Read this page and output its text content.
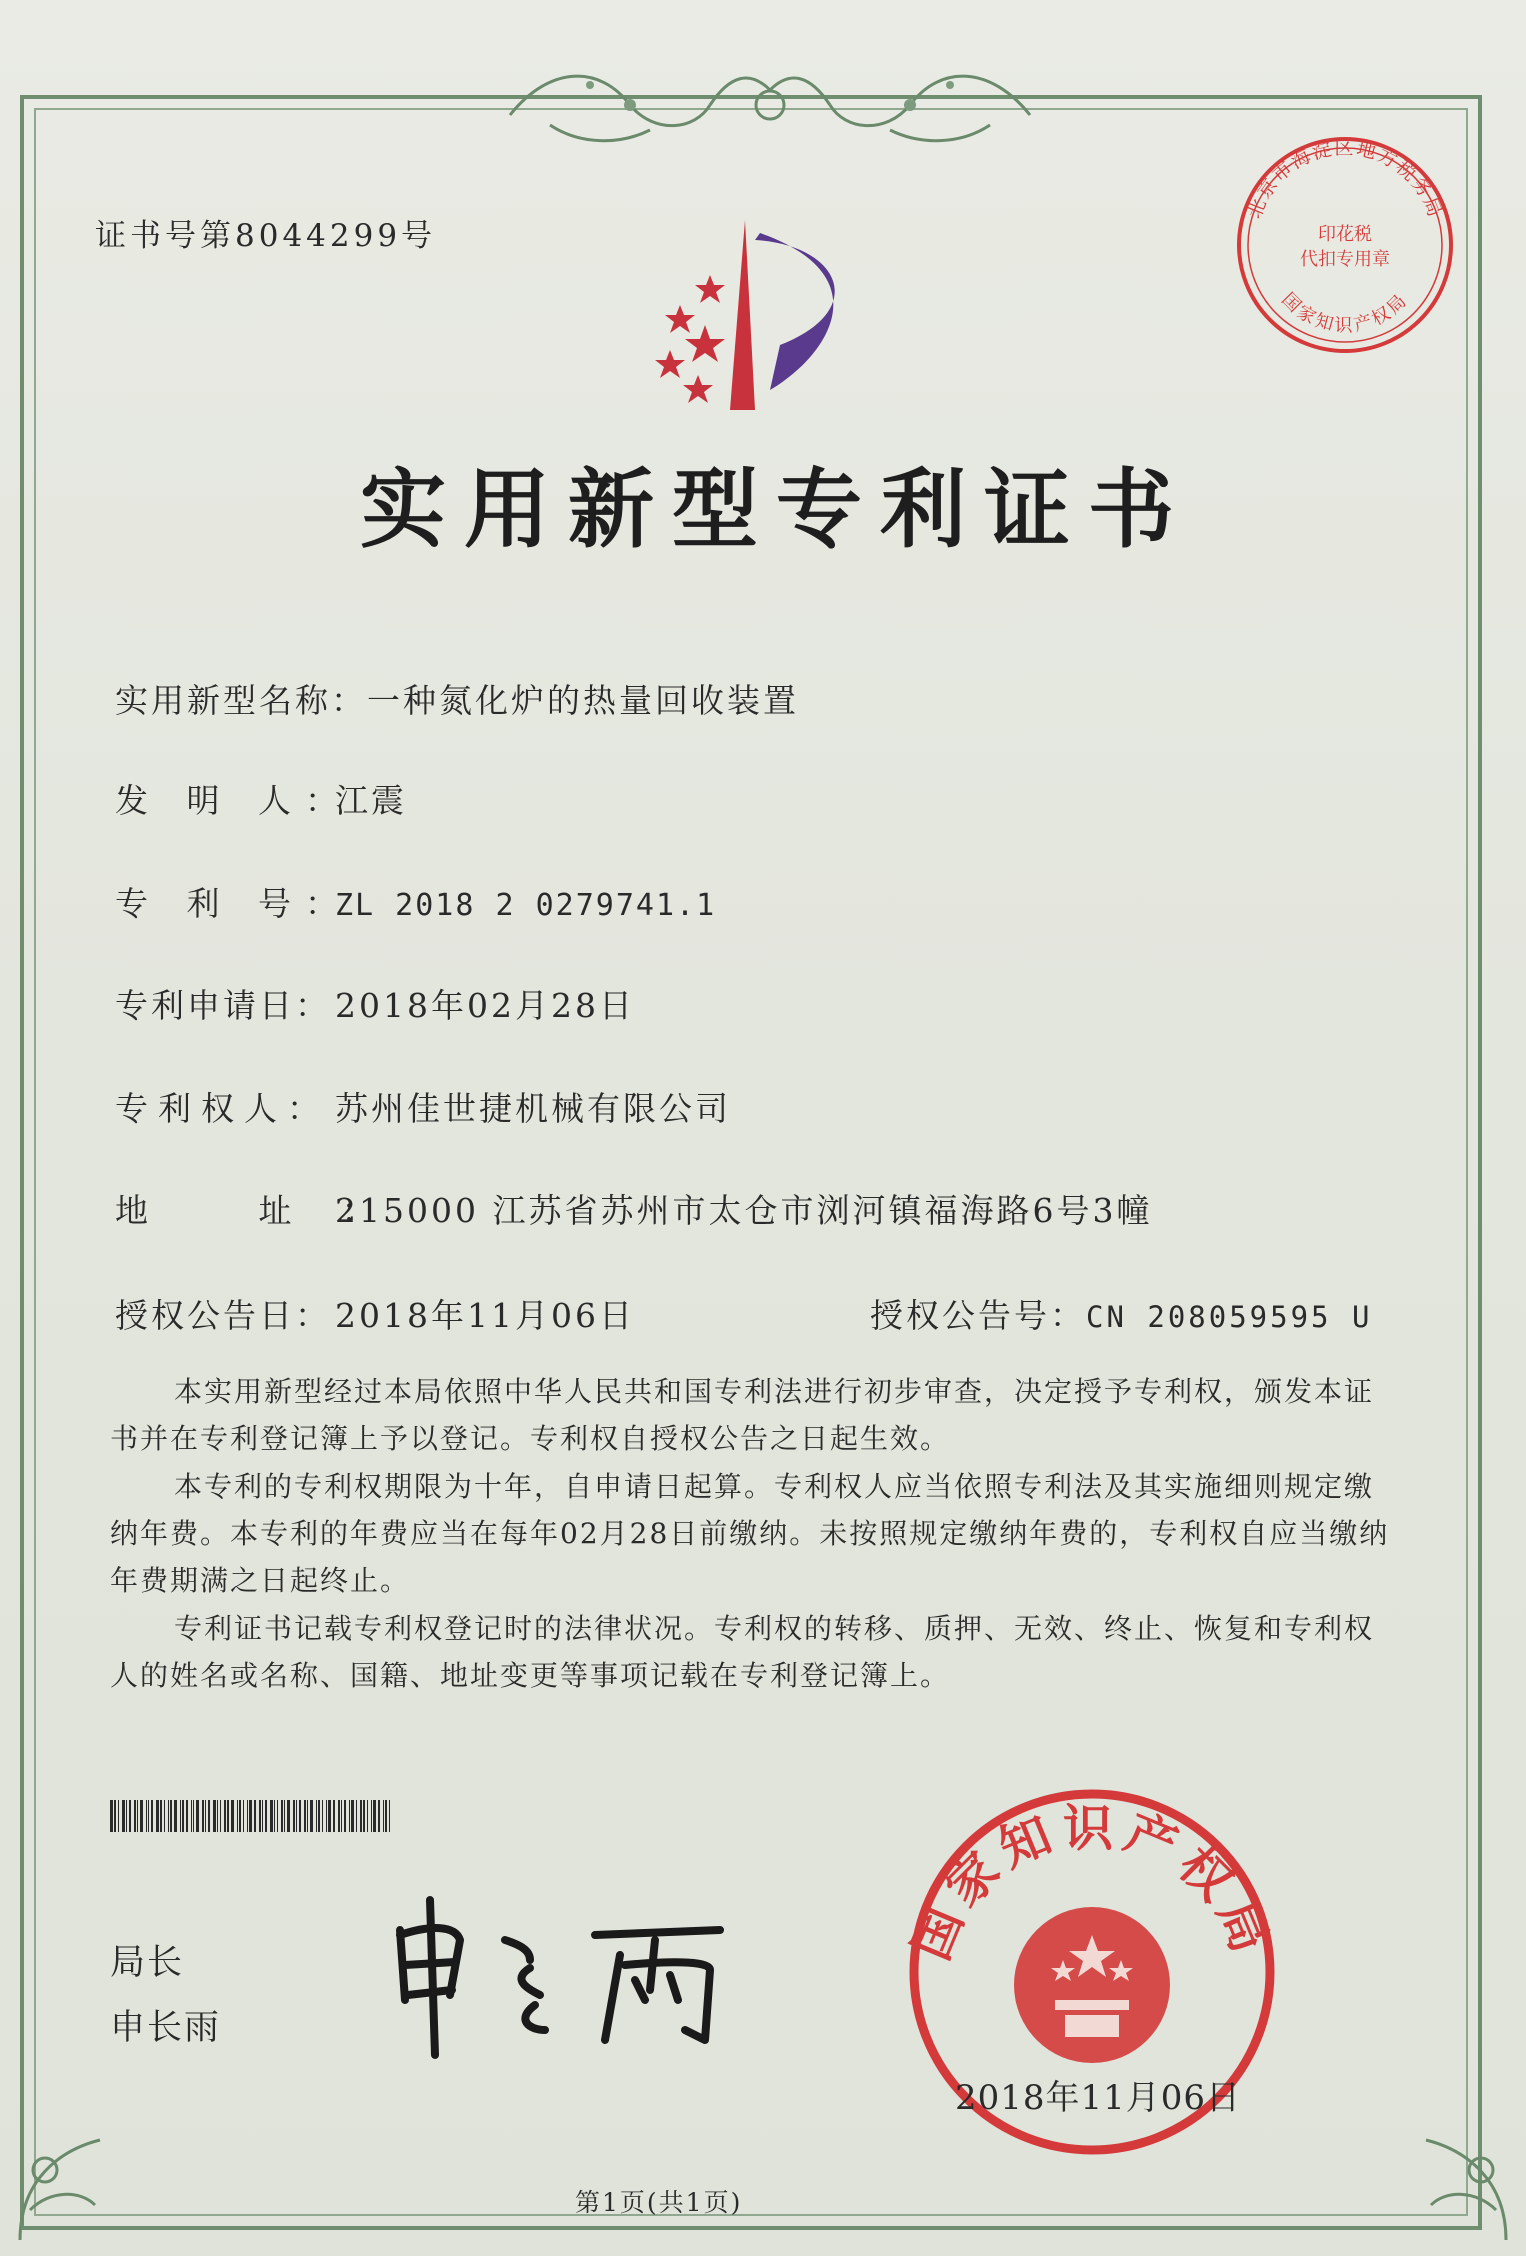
北京市海淀区地方税务局
国家知识产权局
印花税
代扣专用章
证书号第8044299号
实用新型专利证书
实用新型名称：一种氮化炉的热量回收装置
发 明 人：江震
专 利 号：ZL 2018 2 0279741.1
专利申请日： 2018年02月28日
专利权人： 苏州佳世捷机械有限公司
地 址：215000 江苏省苏州市太仓市浏河镇福海路6号3幢
授权公告日： 2018年11月06日	授权公告号：CN 208059595 U
本实用新型经过本局依照中华人民共和国专利法进行初步审查，决定授予专利权，颁发本证书并在专利登记簿上予以登记。专利权自授权公告之日起生效。
本专利的专利权期限为十年，自申请日起算。专利权人应当依照专利法及其实施细则规定缴纳年费。本专利的年费应当在每年02月28日前缴纳。未按照规定缴纳年费的，专利权自应当缴纳年费期满之日起终止。
专利证书记载专利权登记时的法律状况。专利权的转移、质押、无效、终止、恢复和专利权人的姓名或名称、国籍、地址变更等事项记载在专利登记簿上。
局长
申长雨
国家知识产权局
2018年11月06日
第1页(共1页)
